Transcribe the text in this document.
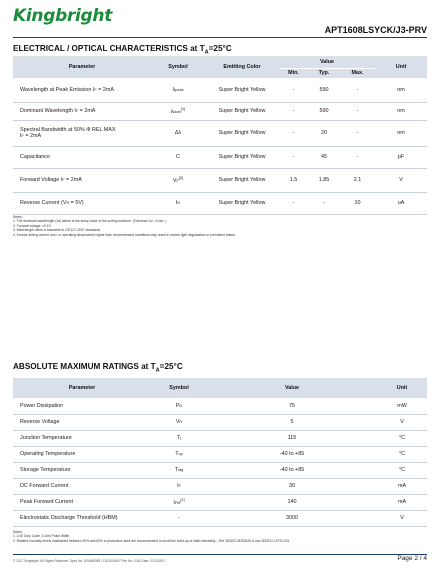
Kingbright
APT1608LSYCK/J3-PRV
ELECTRICAL / OPTICAL CHARACTERISTICS at $T_A=25^\circ C$
Parameter	Symbol	Emitting Color	Value			Unit
			Min.	Typ.	Max.	
Wavelength at Peak Emission IF = 2mA	λpeak	Super Bright Yellow	-	590	-	nm
Dominant Wavelength IF = 2mA	λdom[1]	Super Bright Yellow	-	590	-	nm
Spectral Bandwidth at 50% Φ REL MAX
IF = 2mA	Δλ	Super Bright Yellow	-	20	-	nm
Capacitance	C	Super Bright Yellow	-	45	-	pF
Forward Voltage IF = 2mA	VF[2]	Super Bright Yellow	1.5	1.85	2.1	V
Reverse Current (VR = 5V)	IR	Super Bright Yellow	-	-	10	uA
Notes:
1. The dominant wavelength (λd) above is the setup value of the sorting machine. (Tolerance λd : ±1nm. )
2. Forward voltage: ±0.1V.
3. Wavelength value is traceable to CIE127-2007 standards.
4. Excess driving current and / or operating temperature higher than recommended conditions may result in severe light degradation or premature failure.
ABSOLUTE MAXIMUM RATINGS at $T_A=25^\circ C$
Parameter	Symbol	Value	Unit
Power Dissipation	PD	75	mW
Reverse Voltage	VR	5	V
Junction Temperature	Tj	115	°C
Operating Temperature	Top	-40 to +85	°C
Storage Temperature	Tstg	-40 to +85	°C
DC Forward Current	IF	30	mA
Peak Forward Current	IFM[1]	140	mA
Electrostatic Discharge Threshold (HBM)	-	3000	V
Notes:
1. 1/10 Duty Cycle, 0.1ms Pulse Width.
2. Relative humidity levels maintained between 40% and 60% in production area are recommended to avoid the build-up of static electricity – Ref JEDEC/JESD625-A and JEDEC/J-STD-033.
© 2017 Kingbright. All Rights Reserved. Spec No: DSAM0089 / 1203014497 Rev No: V.4B Date: 07/31/2017	Page 2 / 4
